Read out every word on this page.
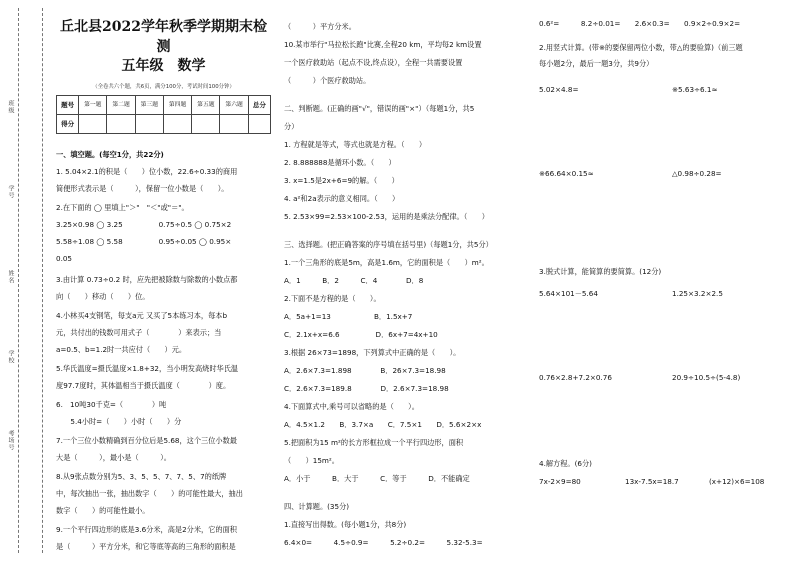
班级
学号
姓名
学校
考场号
丘北县2022学年秋季学期期末检测
五年级　数学
（全卷共六个题，共6页，满分100分，考试时间100分钟）
题号	第一题	第二题	第三题	第四题	第五题	第六题	总分
得分							

一、填空题。(每空1分，共22分)

1. 5.04×2.1的积是（　　）位小数，22.6÷0.33的商用

简便形式表示是（　　　），保留一位小数是（　　）。

2.在下面的 ◯ 里填上"＞"　"＜"或"＝"。

3.25×0.98 ◯ 3.25　　　　　0.75÷0.5 ◯ 0.75×2

5.58÷1.08 ◯ 5.58　　　　　0.95÷0.05 ◯ 0.95×

0.05

3.由计算 0.73÷0.2 时，应先把被除数与除数的小数点都

向（　　）移动（　　）位。

4.小林买4支钢笔，每支a元 又买了5本练习本，每本b

元，共付出的钱数可用式子（　　　　）来表示；当

a=0.5、b=1.2时一共应付（　　）元。

5.华氏温度=摄氏温度×1.8+32，当小明发高烧时华氏温

度97.7度时，其体温相当于摄氏温度（　　　　）度。

6.　10吨30千克=（　　　　）吨

　　5.4小时=（　　）小时（　　）分

7.一个三位小数精确到百分位后是5.68，这个三位小数最

大是（　　　），最小是（　　　）。

8.从9张点数分别为5、3、5、5、7、7、5、7的纸牌

中，每次抽出一张，抽出数字（　　）的可能性最大，抽出

数字（　　）的可能性最小。

9.一个平行四边形的底是3.6分米，高是2分米，它的面积

是（　　　）平方分米，和它等底等高的三角形的面积是

（　　　）平方分米。

10.某市举行"马拉松长跑"比赛,全程20 km，平均每2 km设置

一个医疗救助站（起点不设,终点设），全程一共需要设置

（　　　）个医疗救助站。

二、判断题。(正确的画"√"，错误的画"×"）（每题1分，共5

分）

1. 方程就是等式，等式也就是方程。（　　）

2. 8.888888是循环小数。（　　）

3. x=1.5是2x+6=9的解。（　　）

4. a²和2a表示的意义相同。（　　）

5. 2.53×99=2.53×100-2.53，运用的是乘法分配律。（　　）

三、选择题。(把正确答案的序号填在括号里)（每题1分，共5分）

1.一个三角形的底是5m，高是1.6m，它的面积是（　　）m²。

A．1　　　B．2　　　C．4　　　　D．8

2.下面不是方程的是（　　）。

A．5a+1=13　　　　　　B．1.5x+7

C．2.1x+x=6.6　　　　　D．6x+7=4x+10

3.根据 26×73=1898，下列算式中正确的是（　　）。

A．2.6×7.3=1.898　　　　B．26×7.3=18.98

C．2.6×7.3=189.8　　　　D．2.6×7.3=18.98

4.下面算式中,乘号可以省略的是（　　）。

A．4.5×1.2　　B．3.7×a　　C．7.5×1　　D．5.6×2×x

5.把面积为15 m²的长方形框拉成一个平行四边形，面积

（　　）15m²。

A．小于　　　B．大于　　　C．等于　　　D．不能确定

四、计算题。(35分)

1.直接写出得数。(每小题1分，共8分)

6.4×0=　　　4.5÷0.9=　　　5.2÷0.2=　　　5.32-5.3=

0.6²=　　　8.2÷0.01=　　2.6×0.3=　　0.9×2÷0.9×2=
2.用竖式计算。(带※的要保留两位小数，带△的要验算)（前三题
每小题2分，最后一题3分，共9分）
5.02×4.8=	※5.63÷6.1≈
※66.64×0.15≈	△0.98÷0.28=
3.脱式计算，能简算的要简算。(12分)
5.64×101－5.64	1.25×3.2×2.5
0.76×2.8+7.2×0.76	20.9÷10.5÷(5-4.8)
4.解方程。(6分)
7x-2×9=80	13x-7.5x=18.7	(x+12)×6=108
